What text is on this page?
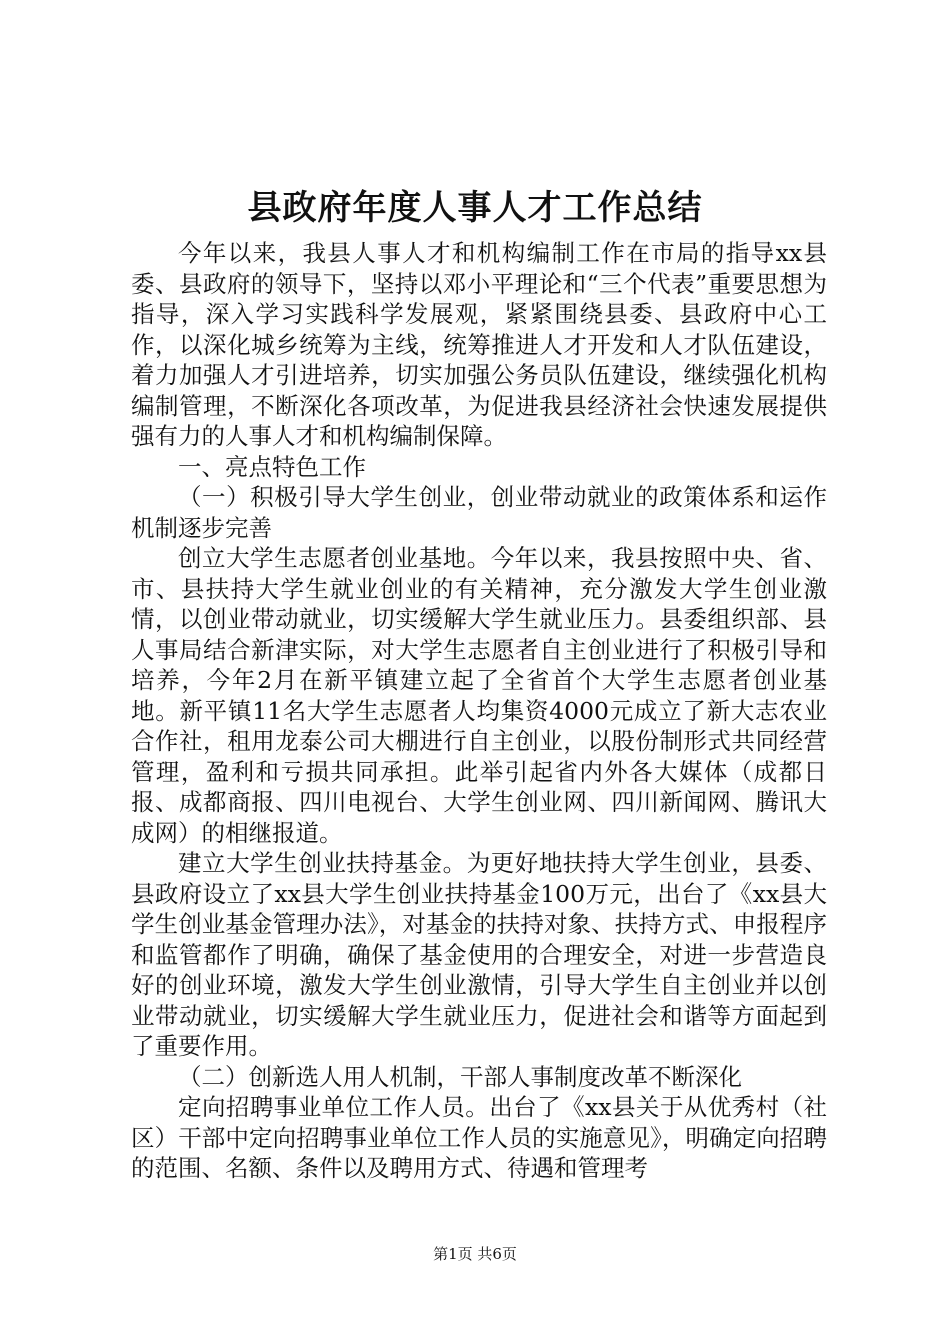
县政府年度人事人才工作总结

今年以来，我县人事人才和机构编制工作在市局的指导xx县委、县政府的领导下，坚持以邓小平理论和“三个代表”重要思想为指导，深入学习实践科学发展观，紧紧围绕县委、县政府中心工作，以深化城乡统筹为主线，统筹推进人才开发和人才队伍建设，着力加强人才引进培养，切实加强公务员队伍建设，继续强化机构编制管理，不断深化各项改革，为促进我县经济社会快速发展提供强有力的人事人才和机构编制保障。

一、亮点特色工作

（一）积极引导大学生创业，创业带动就业的政策体系和运作机制逐步完善

创立大学生志愿者创业基地。今年以来，我县按照中央、省、市、县扶持大学生就业创业的有关精神，充分激发大学生创业激情，以创业带动就业，切实缓解大学生就业压力。县委组织部、县人事局结合新津实际，对大学生志愿者自主创业进行了积极引导和培养，今年2月在新平镇建立起了全省首个大学生志愿者创业基地。新平镇11名大学生志愿者人均集资4000元成立了新大志农业合作社，租用龙泰公司大棚进行自主创业，以股份制形式共同经营管理，盈利和亏损共同承担。此举引起省内外各大媒体（成都日报、成都商报、四川电视台、大学生创业网、四川新闻网、腾讯大成网）的相继报道。

建立大学生创业扶持基金。为更好地扶持大学生创业，县委、县政府设立了xx县大学生创业扶持基金100万元，出台了《xx县大学生创业基金管理办法》，对基金的扶持对象、扶持方式、申报程序和监管都作了明确，确保了基金使用的合理安全，对进一步营造良好的创业环境，激发大学生创业激情，引导大学生自主创业并以创业带动就业，切实缓解大学生就业压力，促进社会和谐等方面起到了重要作用。

（二）创新选人用人机制，干部人事制度改革不断深化

定向招聘事业单位工作人员。出台了《xx县关于从优秀村（社区）干部中定向招聘事业单位工作人员的实施意见》，明确定向招聘的范围、名额、条件以及聘用方式、待遇和管理考

第1页 共6页
